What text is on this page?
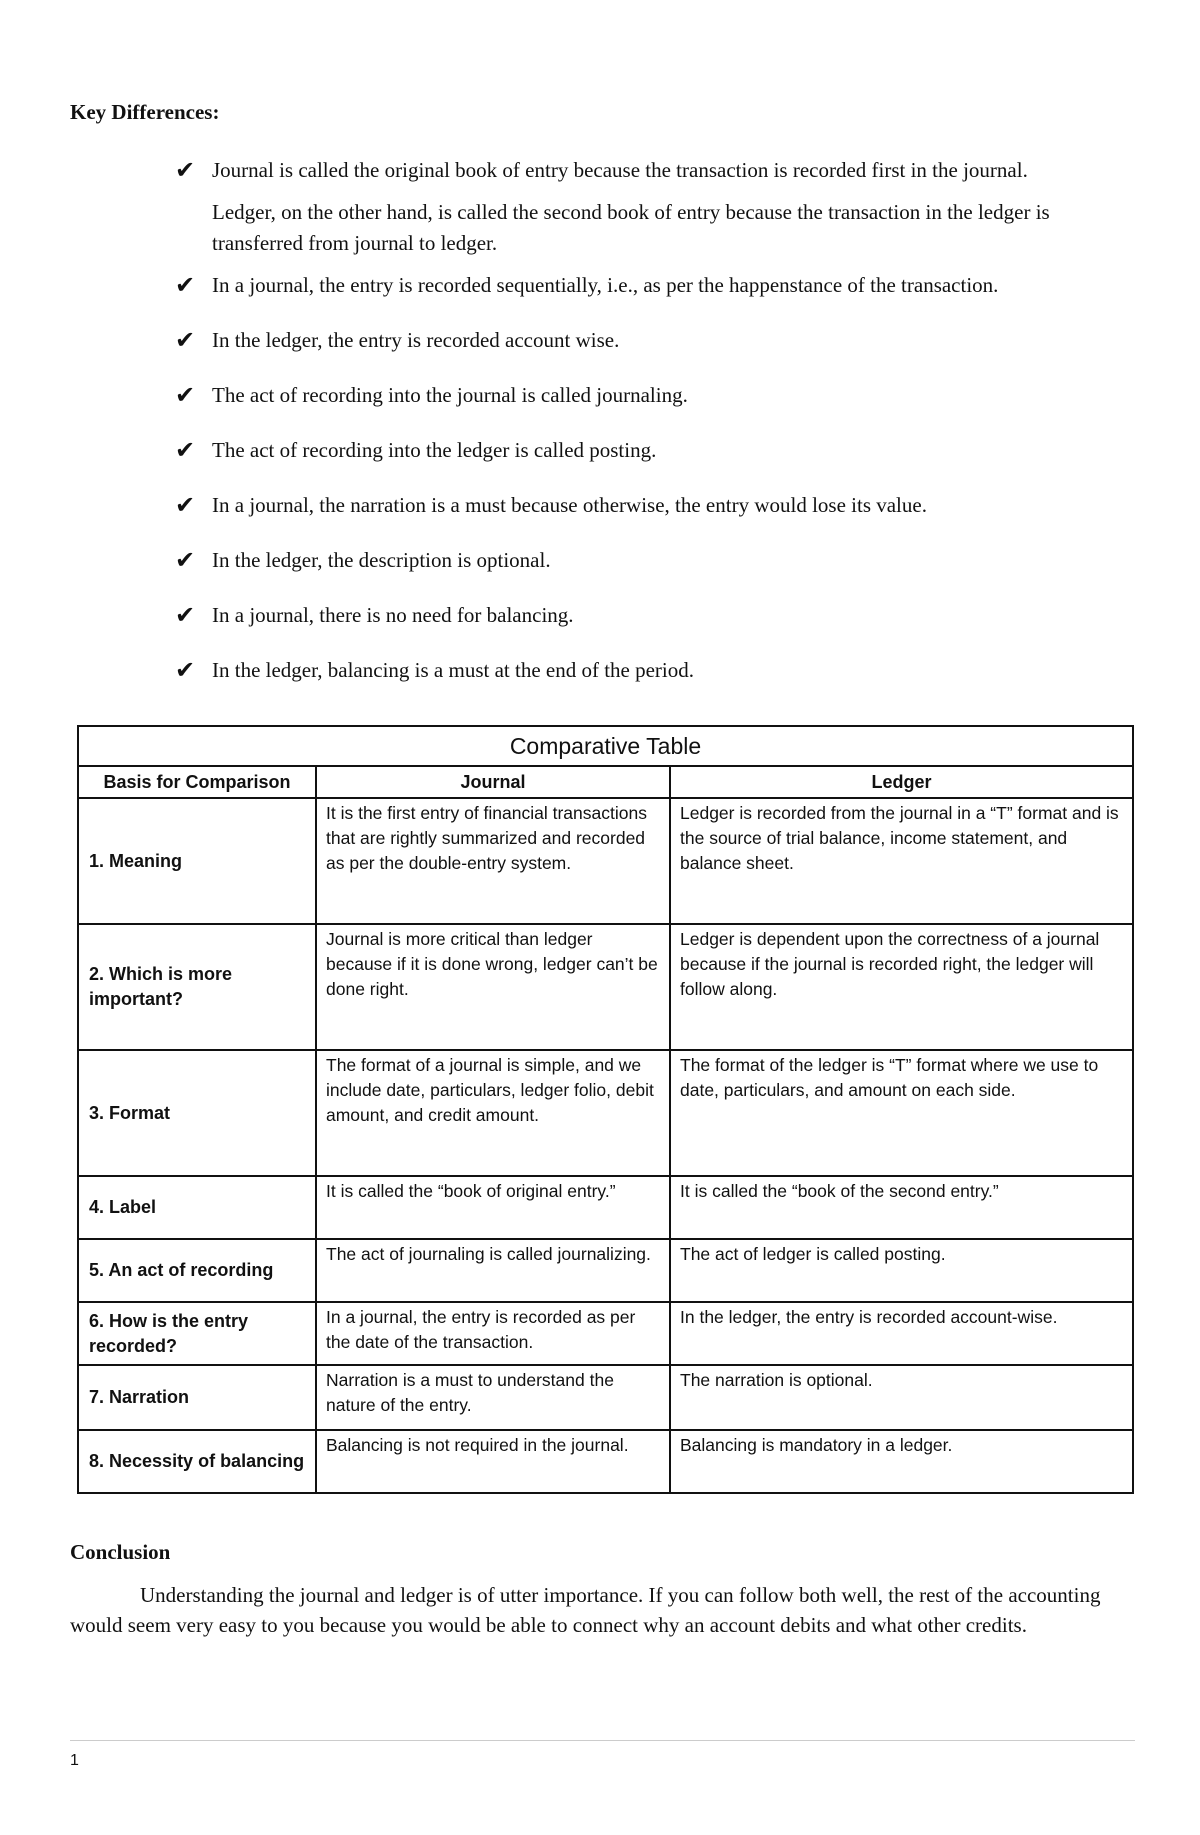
Key Differences:
✔ Journal is called the original book of entry because the transaction is recorded first in the journal.
Ledger, on the other hand, is called the second book of entry because the transaction in the ledger is transferred from journal to ledger.
✔ In a journal, the entry is recorded sequentially, i.e., as per the happenstance of the transaction.
✔ In the ledger, the entry is recorded account wise.
✔ The act of recording into the journal is called journaling.
✔ The act of recording into the ledger is called posting.
✔ In a journal, the narration is a must because otherwise, the entry would lose its value.
✔ In the ledger, the description is optional.
✔ In a journal, there is no need for balancing.
✔ In the ledger, balancing is a must at the end of the period.
Comparative Table		
Basis for Comparison	Journal	Ledger
1. Meaning	It is the first entry of financial transactions that are rightly summarized and recorded as per the double-entry system.	Ledger is recorded from the journal in a “T” format and is the source of trial balance, income statement, and balance sheet.
2. Which is more important?	Journal is more critical than ledger because if it is done wrong, ledger can’t be done right.	Ledger is dependent upon the correctness of a journal because if the journal is recorded right, the ledger will follow along.
3. Format	The format of a journal is simple, and we include date, particulars, ledger folio, debit amount, and credit amount.	The format of the ledger is “T” format where we use to date, particulars, and amount on each side.
4. Label	It is called the “book of original entry.”	It is called the “book of the second entry.”
5. An act of recording	The act of journaling is called journalizing.	The act of ledger is called posting.
6. How is the entry recorded?	In a journal, the entry is recorded as per the date of the transaction.	In the ledger, the entry is recorded account-wise.
7. Narration	Narration is a must to understand the nature of the entry.	The narration is optional.
8. Necessity of balancing	Balancing is not required in the journal.	Balancing is mandatory in a ledger.
Conclusion
Understanding the journal and ledger is of utter importance. If you can follow both well, the rest of the accounting would seem very easy to you because you would be able to connect why an account debits and what other credits.
1
